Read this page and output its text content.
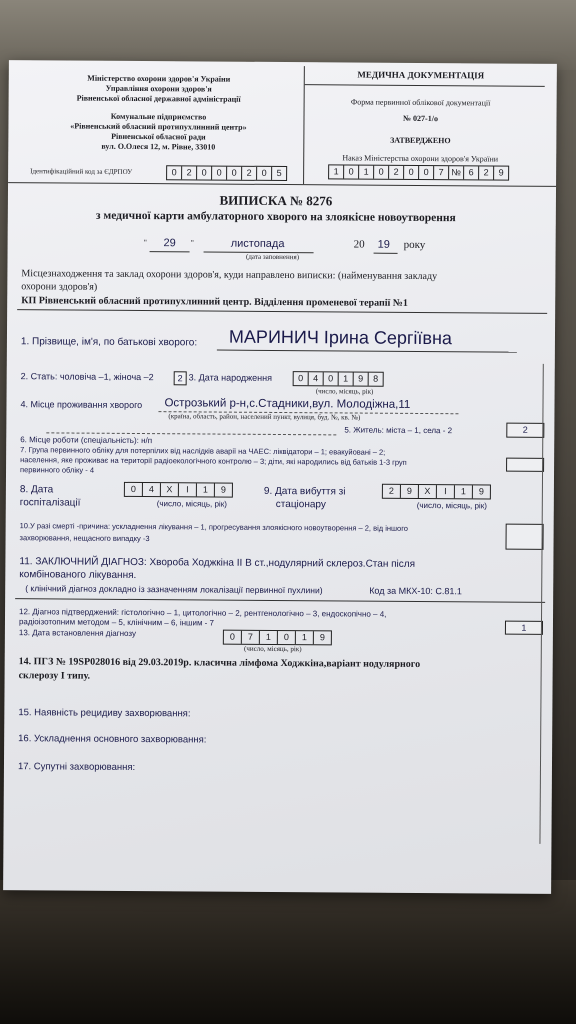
Міністерство охорони здоров'я України
Управління охорони здоров'я
Рівненської обласної державної адміністрації
Комунальне підприємство
«Рівненський обласний протипухлинний центр»
Рівненської обласної ради
вул. О.Олеся 12, м. Рівне, 33010
Ідентифікаційний код за ЄДРПОУ	0	2	0	0	0	2	0	5
МЕДИЧНА ДОКУМЕНТАЦІЯ
Форма первинної облікової документації
№ 027-1/о
ЗАТВЕРДЖЕНО
Наказ Міністерства охорони здоров'я України
1	0	1	0	2	0	0	7 № 6	2	9
ВИПИСКА № 8276
з медичної карти амбулаторного хворого на злоякісне новоутворення
" 29 "	листопада	20 19 року
(дата заповнення)
Місцезнаходження та заклад охорони здоров'я, куди направлено виписки: (найменування закладу
охорони здоров'я)
КП Рівненський обласний протипухлинний центр. Відділення променевої терапії №1
1. Прізвище, ім'я, по батькові хворого: МАРИНИЧ Ірина Сергіївна
2. Стать: чоловіча –1, жіноча –2	2 3. Дата народження	0	4	0	1	9	8
(число, місяць, рік)
4. Місце проживання хворого Острозький р-н,с.Стадники,вул. Молодіжна,11
(країна, область, район, населений пункт, вулиця, буд. №, кв. №)
5. Житель: міста – 1, села - 2	2
6. Місце роботи (спеціальність): н/п
7. Група первинного обліку для потерпілих від наслідків аварії на ЧАЕС: ліквідатори – 1; евакуйовані – 2;
населення, яке проживає на території радіоекологічного контролю – 3; діти, які народились від батьків 1-3 груп
первинного обліку - 4
8. Дата
госпіталізації
0	4	X	I	1	9
(число, місяць, рік)
9. Дата вибуття зі
стаціонару
2	9	X	I	1	9
(число, місяць, рік)
10.У разі смерті -причина: ускладнення лікування – 1, прогресування злоякісного новоутворення – 2, від іншого
захворювання, нещасного випадку -3
11. ЗАКЛЮЧНИЙ ДІАГНОЗ: Хвороба Ходжкіна II B ст.,нодулярний склероз.Стан після
комбінованого лікування.
( клінічний діагноз докладно із зазначенням локалізації первинної пухлини)	Код за МКХ-10: С.81.1
12. Діагноз підтверджений: гістологічно – 1, цитологічно – 2, рентгенологічно – 3, ендоскопічно – 4,
радіоізотопним методом – 5, клінічним – 6, іншим - 7
1
13. Дата встановлення діагнозу	0	7	1	0	1	9
(число, місяць, рік)
14. ПГЗ № 19SP028016 від 29.03.2019р. класична лімфома Ходжкіна,варіант нодулярного
склерозу І типу.
15. Наявність рецидиву захворювання:
16. Ускладнення основного захворювання:
17. Супутні захворювання:
